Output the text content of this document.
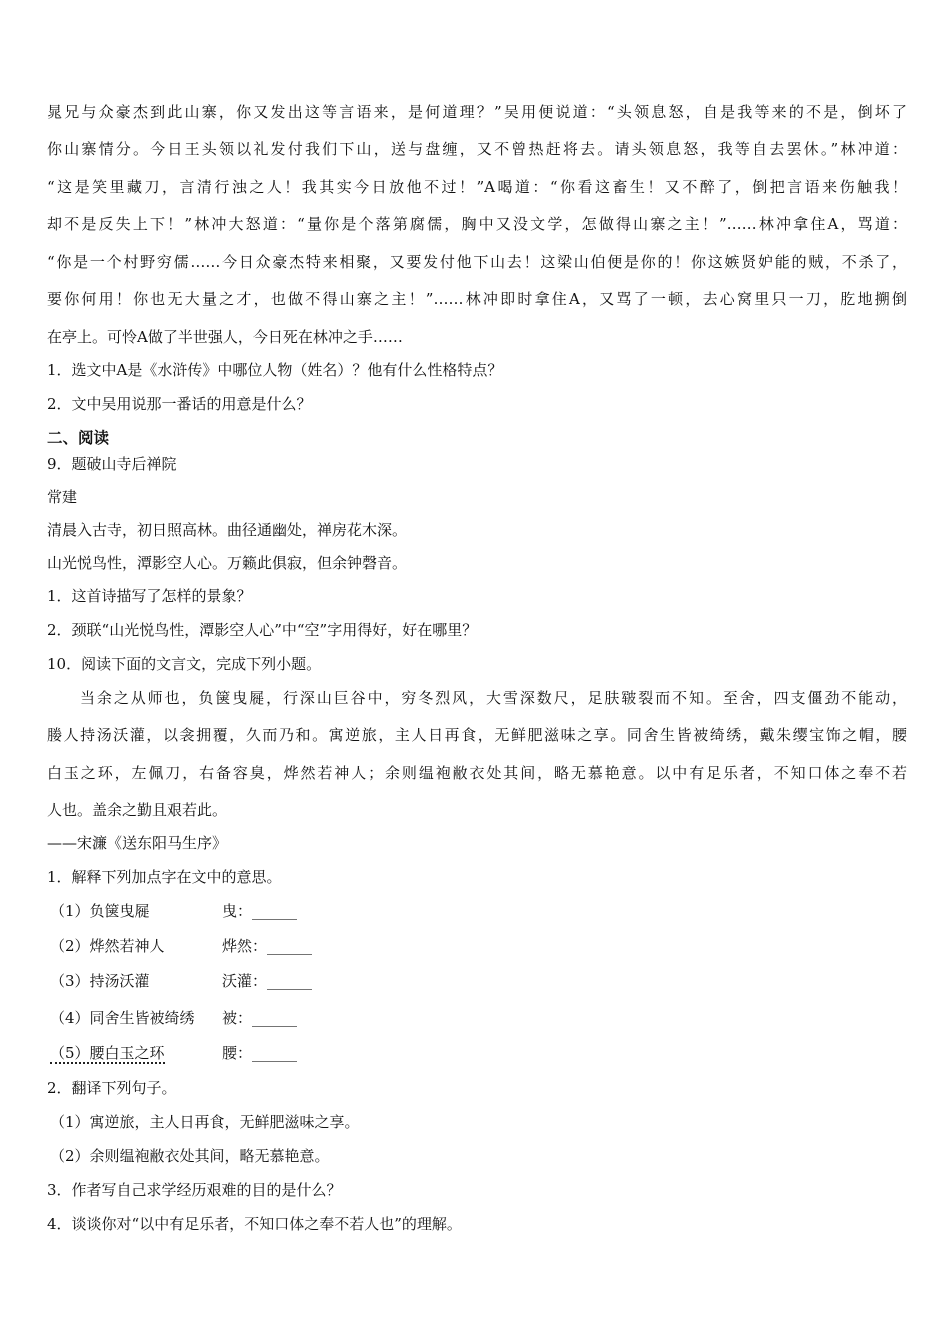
晁兄与众豪杰到此山寨，你又发出这等言语来，是何道理？”吴用便说道：“头领息怒，自是我等来的不是，倒坏了
你山寨情分。今日王头领以礼发付我们下山，送与盘缠，又不曾热赶将去。请头领息怒，我等自去罢休。”林冲道：
“这是笑里藏刀，言清行浊之人！我其实今日放他不过！”A喝道：“你看这畜生！又不醉了，倒把言语来伤触我！
却不是反失上下！”林冲大怒道：“量你是个落第腐儒，胸中又没文学，怎做得山寨之主！”……林冲拿住A，骂道：
“你是一个村野穷儒……今日众豪杰特来相聚，又要发付他下山去！这梁山伯便是你的！你这嫉贤妒能的贼，不杀了，
要你何用！你也无大量之才，也做不得山寨之主！”……林冲即时拿住A，又骂了一顿，去心窝里只一刀，肐地搠倒
在亭上。可怜A做了半世强人，今日死在林冲之手……
1．选文中A是《水浒传》中哪位人物（姓名）？他有什么性格特点？
2．文中吴用说那一番话的用意是什么？
二、阅读
9．题破山寺后禅院
常建
清晨入古寺，初日照高林。曲径通幽处，禅房花木深。
山光悦鸟性，潭影空人心。万籁此俱寂，但余钟磬音。
1．这首诗描写了怎样的景象？
2．颈联“山光悦鸟性，潭影空人心”中“空”字用得好，好在哪里？
10．阅读下面的文言文，完成下列小题。
当余之从师也，负箧曳屣，行深山巨谷中，穷冬烈风，大雪深数尺，足肤皲裂而不知。至舍，四支僵劲不能动，
媵人持汤沃灌，以衾拥覆，久而乃和。寓逆旅，主人日再食，无鲜肥滋味之享。同舍生皆被绮绣，戴朱缨宝饰之帽，腰
白玉之环，左佩刀，右备容臭，烨然若神人；余则缊袍敝衣处其间，略无慕艳意。以中有足乐者，不知口体之奉不若
人也。盖余之勤且艰若此。
——宋濂《送东阳马生序》
1．解释下列加点字在文中的意思。
（1）负箧曳屣	曳：______
（2）烨然若神人	烨然：______
（3）持汤沃灌	沃灌：______
（4）同舍生皆被绮绣 被：______
（5）腰白玉之环	腰：______
2．翻译下列句子。
（1）寓逆旅，主人日再食，无鲜肥滋味之享。
（2）余则缊袍敝衣处其间，略无慕艳意。
3．作者写自己求学经历艰难的目的是什么？
4．谈谈你对“以中有足乐者，不知口体之奉不若人也”的理解。
